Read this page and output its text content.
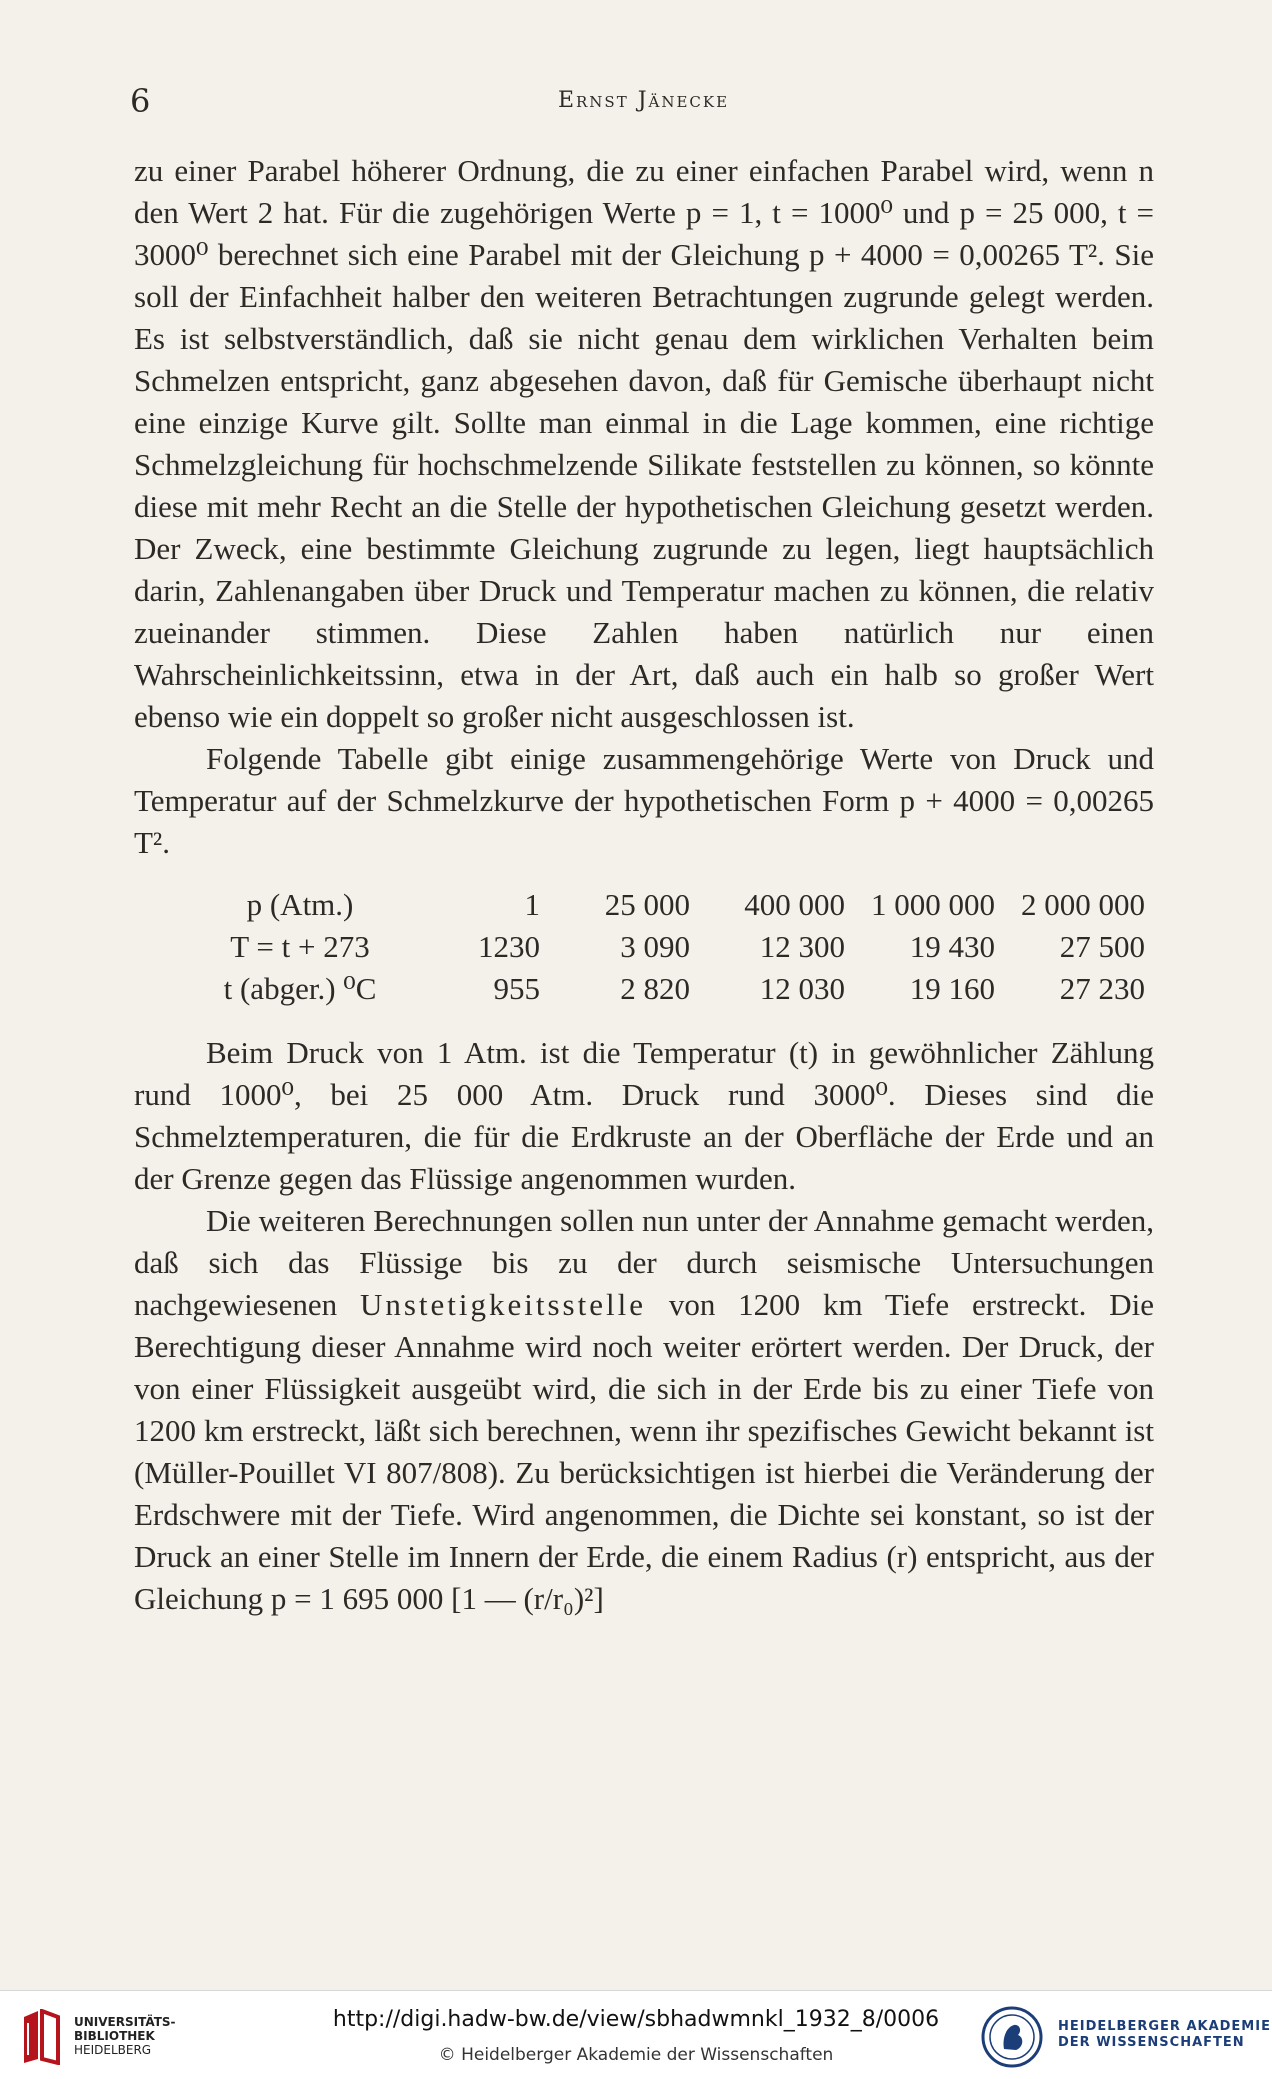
6	Ernst Jänecke

zu einer Parabel höherer Ordnung, die zu einer einfachen Parabel wird, wenn n den Wert 2 hat. Für die zugehörigen Werte p = 1, t = 1000⁰ und p = 25 000, t = 3000⁰ berechnet sich eine Parabel mit der Gleichung p + 4000 = 0,00265 T². Sie soll der Einfachheit halber den weiteren Betrachtungen zugrunde gelegt werden. Es ist selbstverständlich, daß sie nicht genau dem wirklichen Verhalten beim Schmelzen entspricht, ganz abgesehen davon, daß für Gemische überhaupt nicht eine einzige Kurve gilt. Sollte man einmal in die Lage kommen, eine richtige Schmelzgleichung für hochschmelzende Silikate feststellen zu können, so könnte diese mit mehr Recht an die Stelle der hypothetischen Gleichung gesetzt werden. Der Zweck, eine bestimmte Gleichung zugrunde zu legen, liegt hauptsächlich darin, Zahlenangaben über Druck und Temperatur machen zu können, die relativ zueinander stimmen. Diese Zahlen haben natürlich nur einen Wahrscheinlichkeitssinn, etwa in der Art, daß auch ein halb so großer Wert ebenso wie ein doppelt so großer nicht ausgeschlossen ist.

Folgende Tabelle gibt einige zusammengehörige Werte von Druck und Temperatur auf der Schmelzkurve der hypothetischen Form p + 4000 = 0,00265 T².

p (Atm.)	1	25 000	400 000	1 000 000	2 000 000
T = t + 273	1230	3 090	12 300	19 430	27 500
t (abger.) ⁰C	955	2 820	12 030	19 160	27 230

Beim Druck von 1 Atm. ist die Temperatur (t) in gewöhnlicher Zählung rund 1000⁰, bei 25 000 Atm. Druck rund 3000⁰. Dieses sind die Schmelztemperaturen, die für die Erdkruste an der Oberfläche der Erde und an der Grenze gegen das Flüssige angenommen wurden.

Die weiteren Berechnungen sollen nun unter der Annahme gemacht werden, daß sich das Flüssige bis zu der durch seismische Untersuchungen nachgewiesenen Unstetigkeitsstelle von 1200 km Tiefe erstreckt. Die Berechtigung dieser Annahme wird noch weiter erörtert werden. Der Druck, der von einer Flüssigkeit ausgeübt wird, die sich in der Erde bis zu einer Tiefe von 1200 km erstreckt, läßt sich berechnen, wenn ihr spezifisches Gewicht bekannt ist (Müller-Pouillet VI 807/808). Zu berücksichtigen ist hierbei die Veränderung der Erdschwere mit der Tiefe. Wird angenommen, die Dichte sei konstant, so ist der Druck an einer Stelle im Innern der Erde, die einem Radius (r) entspricht, aus der Gleichung p = 1 695 000 [1 — (r/r₀)²]

UNIVERSITÄTS-
BIBLIOTHEK
HEIDELBERG
http://digi.hadw-bw.de/view/sbhadwmnkl_1932_8/0006
© Heidelberger Akademie der Wissenschaften
HEIDELBERGER AKADEMIE
DER WISSENSCHAFTEN
